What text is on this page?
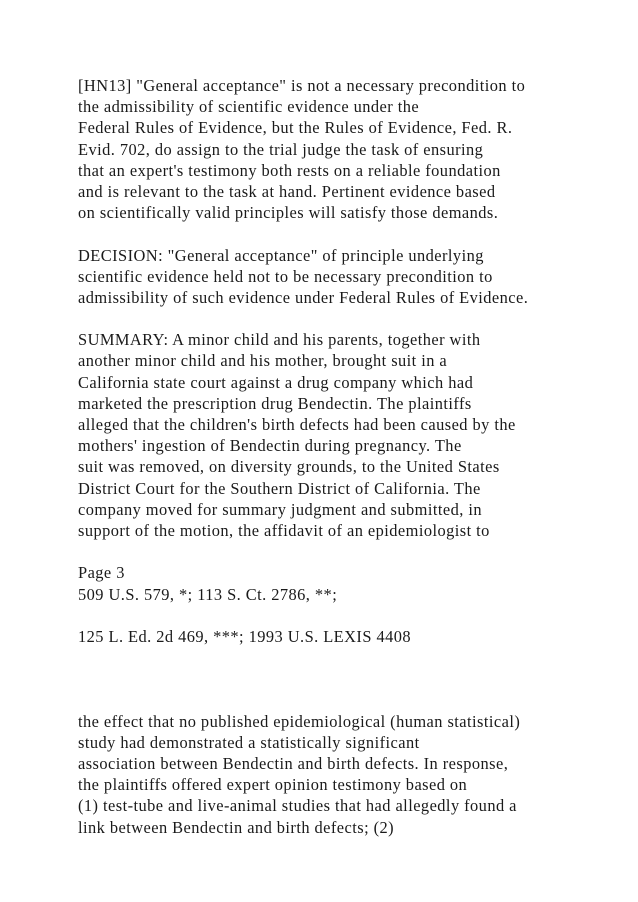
[HN13] "General acceptance" is not a necessary precondition to
the admissibility of scientific evidence under the
Federal Rules of Evidence, but the Rules of Evidence, Fed. R.
Evid. 702, do assign to the trial judge the task of ensuring
that an expert's testimony both rests on a reliable foundation
and is relevant to the task at hand. Pertinent evidence based
on scientifically valid principles will satisfy those demands.
DECISION: "General acceptance" of principle underlying
scientific evidence held not to be necessary precondition to
admissibility of such evidence under Federal Rules of Evidence.
SUMMARY: A minor child and his parents, together with
another minor child and his mother, brought suit in a
California state court against a drug company which had
marketed the prescription drug Bendectin. The plaintiffs
alleged that the children's birth defects had been caused by the
mothers' ingestion of Bendectin during pregnancy. The
suit was removed, on diversity grounds, to the United States
District Court for the Southern District of California. The
company moved for summary judgment and submitted, in
support of the motion, the affidavit of an epidemiologist to
Page 3
509 U.S. 579, *; 113 S. Ct. 2786, **;
125 L. Ed. 2d 469, ***; 1993 U.S. LEXIS 4408
the effect that no published epidemiological (human statistical)
study had demonstrated a statistically significant
association between Bendectin and birth defects. In response,
the plaintiffs offered expert opinion testimony based on
(1) test-tube and live-animal studies that had allegedly found a
link between Bendectin and birth defects; (2)
